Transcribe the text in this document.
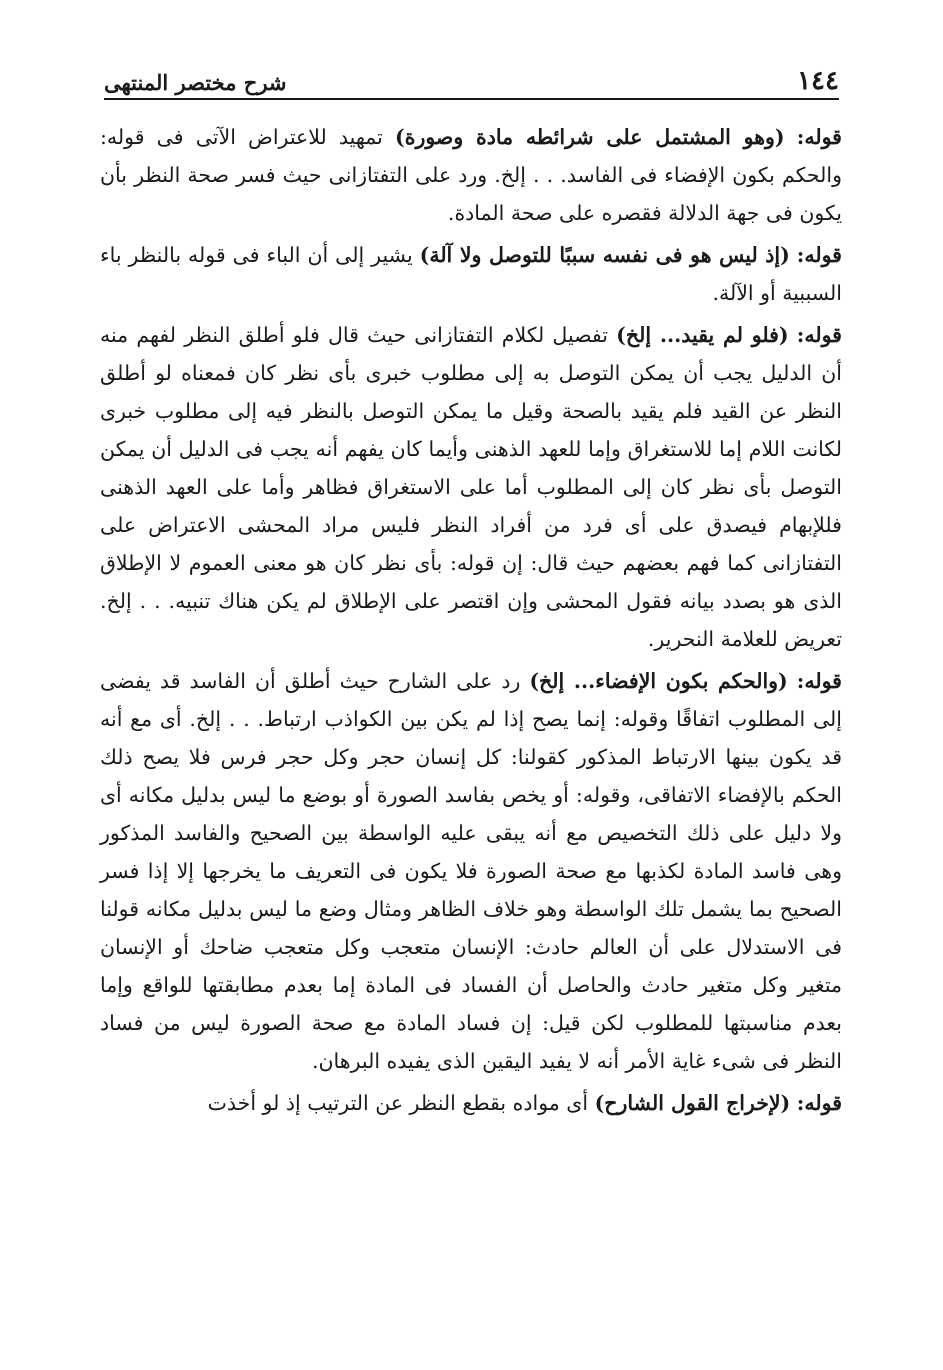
١٤٤
شرح مختصر المنتهى

قوله: (وهو المشتمل على شرائطه مادة وصورة) تمهيد للاعتراض الآتى فى قوله: والحكم بكون الإفضاء فى الفاسد. . . إلخ. ورد على التفتازانى حيث فسر صحة النظر بأن يكون فى جهة الدلالة فقصره على صحة المادة.

قوله: (إذ ليس هو فى نفسه سببًا للتوصل ولا آلة) يشير إلى أن الباء فى قوله بالنظر باء السببية أو الآلة.

قوله: (فلو لم يقيد... إلخ) تفصيل لكلام التفتازانى حيث قال فلو أطلق النظر لفهم منه أن الدليل يجب أن يمكن التوصل به إلى مطلوب خبرى بأى نظر كان فمعناه لو أطلق النظر عن القيد فلم يقيد بالصحة وقيل ما يمكن التوصل بالنظر فيه إلى مطلوب خبرى لكانت اللام إما للاستغراق وإما للعهد الذهنى وأيما كان يفهم أنه يجب فى الدليل أن يمكن التوصل بأى نظر كان إلى المطلوب أما على الاستغراق فظاهر وأما على العهد الذهنى فللإبهام فيصدق على أى فرد من أفراد النظر فليس مراد المحشى الاعتراض على التفتازانى كما فهم بعضهم حيث قال: إن قوله: بأى نظر كان هو معنى العموم لا الإطلاق الذى هو بصدد بيانه فقول المحشى وإن اقتصر على الإطلاق لم يكن هناك تنبيه. . . إلخ. تعريض للعلامة النحرير.

قوله: (والحكم بكون الإفضاء... إلخ) رد على الشارح حيث أطلق أن الفاسد قد يفضى إلى المطلوب اتفاقًا وقوله: إنما يصح إذا لم يكن بين الكواذب ارتباط. . . إلخ. أى مع أنه قد يكون بينها الارتباط المذكور كقولنا: كل إنسان حجر وكل حجر فرس فلا يصح ذلك الحكم بالإفضاء الاتفاقى، وقوله: أو يخص بفاسد الصورة أو بوضع ما ليس بدليل مكانه أى ولا دليل على ذلك التخصيص مع أنه يبقى عليه الواسطة بين الصحيح والفاسد المذكور وهى فاسد المادة لكذبها مع صحة الصورة فلا يكون فى التعريف ما يخرجها إلا إذا فسر الصحيح بما يشمل تلك الواسطة وهو خلاف الظاهر ومثال وضع ما ليس بدليل مكانه قولنا فى الاستدلال على أن العالم حادث: الإنسان متعجب وكل متعجب ضاحك أو الإنسان متغير وكل متغير حادث والحاصل أن الفساد فى المادة إما بعدم مطابقتها للواقع وإما بعدم مناسبتها للمطلوب لكن قيل: إن فساد المادة مع صحة الصورة ليس من فساد النظر فى شىء غاية الأمر أنه لا يفيد اليقين الذى يفيده البرهان.

قوله: (لإخراج القول الشارح) أى مواده بقطع النظر عن الترتيب إذ لو أخذت
